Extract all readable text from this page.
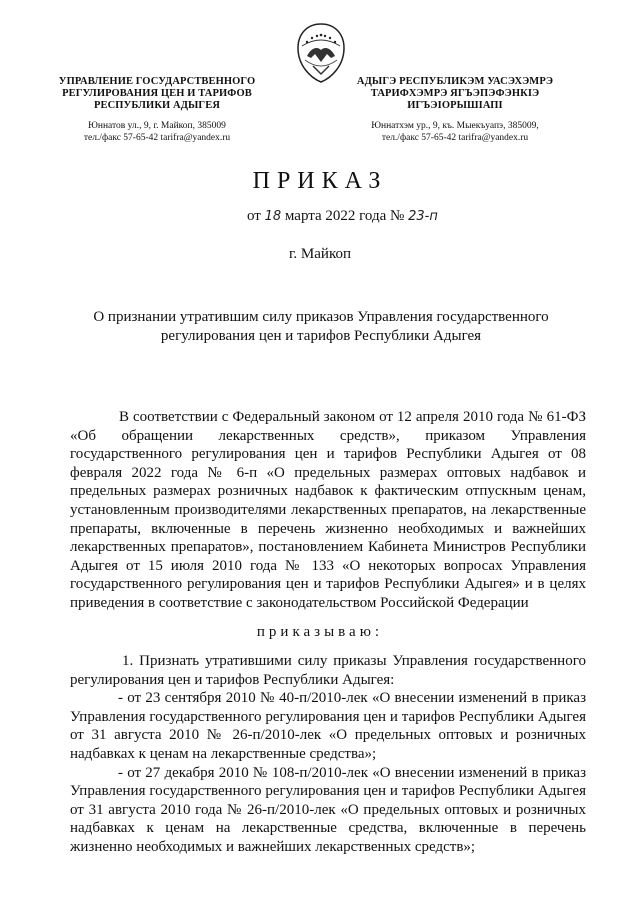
УПРАВЛЕНИЕ ГОСУДАРСТВЕННОГО
РЕГУЛИРОВАНИЯ ЦЕН И ТАРИФОВ
РЕСПУБЛИКИ АДЫГЕЯ
Юннатов ул., 9, г. Майкоп, 385009
тел./факс 57-65-42 tarifra@yandex.ru
АДЫГЭ РЕСПУБЛИКЭМ УАСЭХЭМРЭ
ТАРИФХЭМРЭ ЯГЪЭПЭФЭНКІЭ
ИГЪЭІОРЫШІАПІ
Юннатхэм ур., 9, къ. Мыекъуапэ, 385009,
тел./факс 57-65-42 tarifra@yandex.ru
ПРИКАЗ
от 18 марта 2022 года № 23-п
г. Майкоп
О признании утратившим силу приказов Управления государственного регулирования цен и тарифов Республики Адыгея

В соответствии с Федеральный законом от 12 апреля 2010 года № 61-ФЗ «Об обращении лекарственных средств», приказом Управления государственного регулирования цен и тарифов Республики Адыгея от 08 февраля 2022 года № 6-п «О предельных размерах оптовых надбавок и предельных размерах розничных надбавок к фактическим отпускным ценам, установленным производителями лекарственных препаратов, на лекарственные препараты, включенные в перечень жизненно необходимых и важнейших лекарственных препаратов», постановлением Кабинета Министров Республики Адыгея от 15 июля 2010 года № 133 «О некоторых вопросах Управления государственного регулирования цен и тарифов Республики Адыгея» и в целях приведения в соответствие с законодательством Российской Федерации

приказываю:

1. Признать утратившими силу приказы Управления государственного регулирования цен и тарифов Республики Адыгея:

- от 23 сентября 2010 № 40-п/2010-лек «О внесении изменений в приказ Управления государственного регулирования цен и тарифов Республики Адыгея от 31 августа 2010 № 26-п/2010-лек «О предельных оптовых и розничных надбавках к ценам на лекарственные средства»;

- от 27 декабря 2010 № 108-п/2010-лек «О внесении изменений в приказ Управления государственного регулирования цен и тарифов Республики Адыгея от 31 августа 2010 года № 26-п/2010-лек «О предельных оптовых и розничных надбавках к ценам на лекарственные средства, включенные в перечень жизненно необходимых и важнейших лекарственных средств»;
